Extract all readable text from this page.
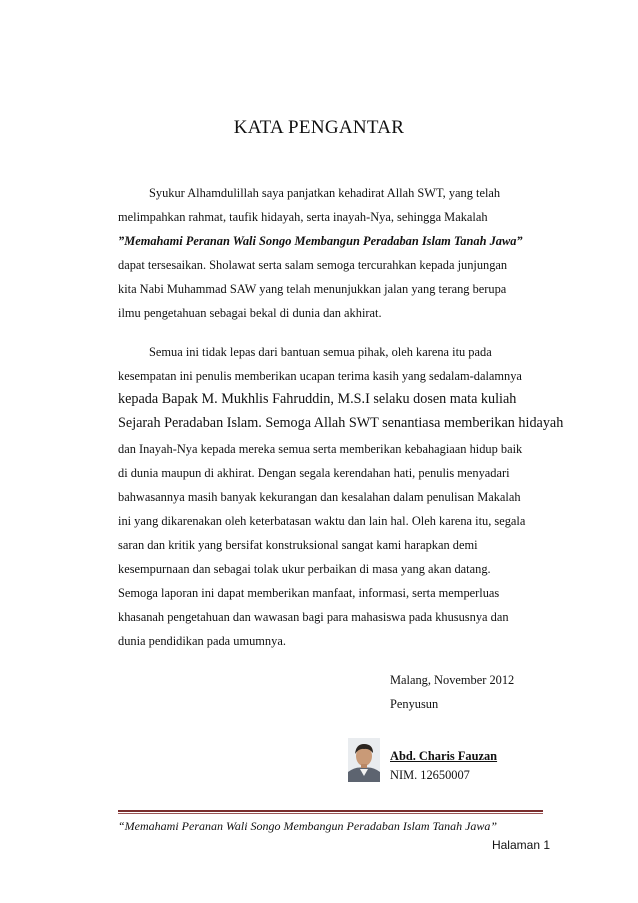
KATA PENGANTAR
Syukur Alhamdulillah saya panjatkan kehadirat Allah SWT, yang telah
melimpahkan rahmat, taufik hidayah, serta inayah-Nya, sehingga Makalah
”Memahami Peranan Wali Songo Membangun Peradaban Islam Tanah Jawa”
dapat tersesaikan. Sholawat serta salam semoga tercurahkan kepada junjungan
kita Nabi Muhammad SAW yang telah menunjukkan jalan yang terang berupa
ilmu pengetahuan sebagai bekal di dunia dan akhirat.
Semua ini tidak lepas dari bantuan semua pihak, oleh karena itu pada
kesempatan ini penulis memberikan ucapan terima kasih yang sedalam-dalamnya
kepada Bapak M. Mukhlis Fahruddin, M.S.I selaku dosen mata kuliah
Sejarah Peradaban Islam. Semoga Allah SWT senantiasa memberikan hidayah
dan Inayah-Nya kepada mereka semua serta memberikan kebahagiaan hidup baik
di dunia maupun di akhirat. Dengan segala kerendahan hati, penulis menyadari
bahwasannya masih banyak kekurangan dan kesalahan dalam penulisan Makalah
ini yang dikarenakan oleh keterbatasan waktu dan lain hal. Oleh karena itu, segala
saran dan kritik yang bersifat konstruksional sangat kami harapkan demi
kesempurnaan dan sebagai tolak ukur perbaikan di masa yang akan datang.
Semoga laporan ini dapat memberikan manfaat, informasi, serta memperluas
khasanah pengetahuan dan wawasan bagi para mahasiswa pada khususnya dan
dunia pendidikan pada umumnya.
Malang, November 2012
Penyusun
Abd. Charis Fauzan
NIM. 12650007
“Memahami Peranan Wali Songo Membangun Peradaban Islam Tanah Jawa”
Halaman 1
